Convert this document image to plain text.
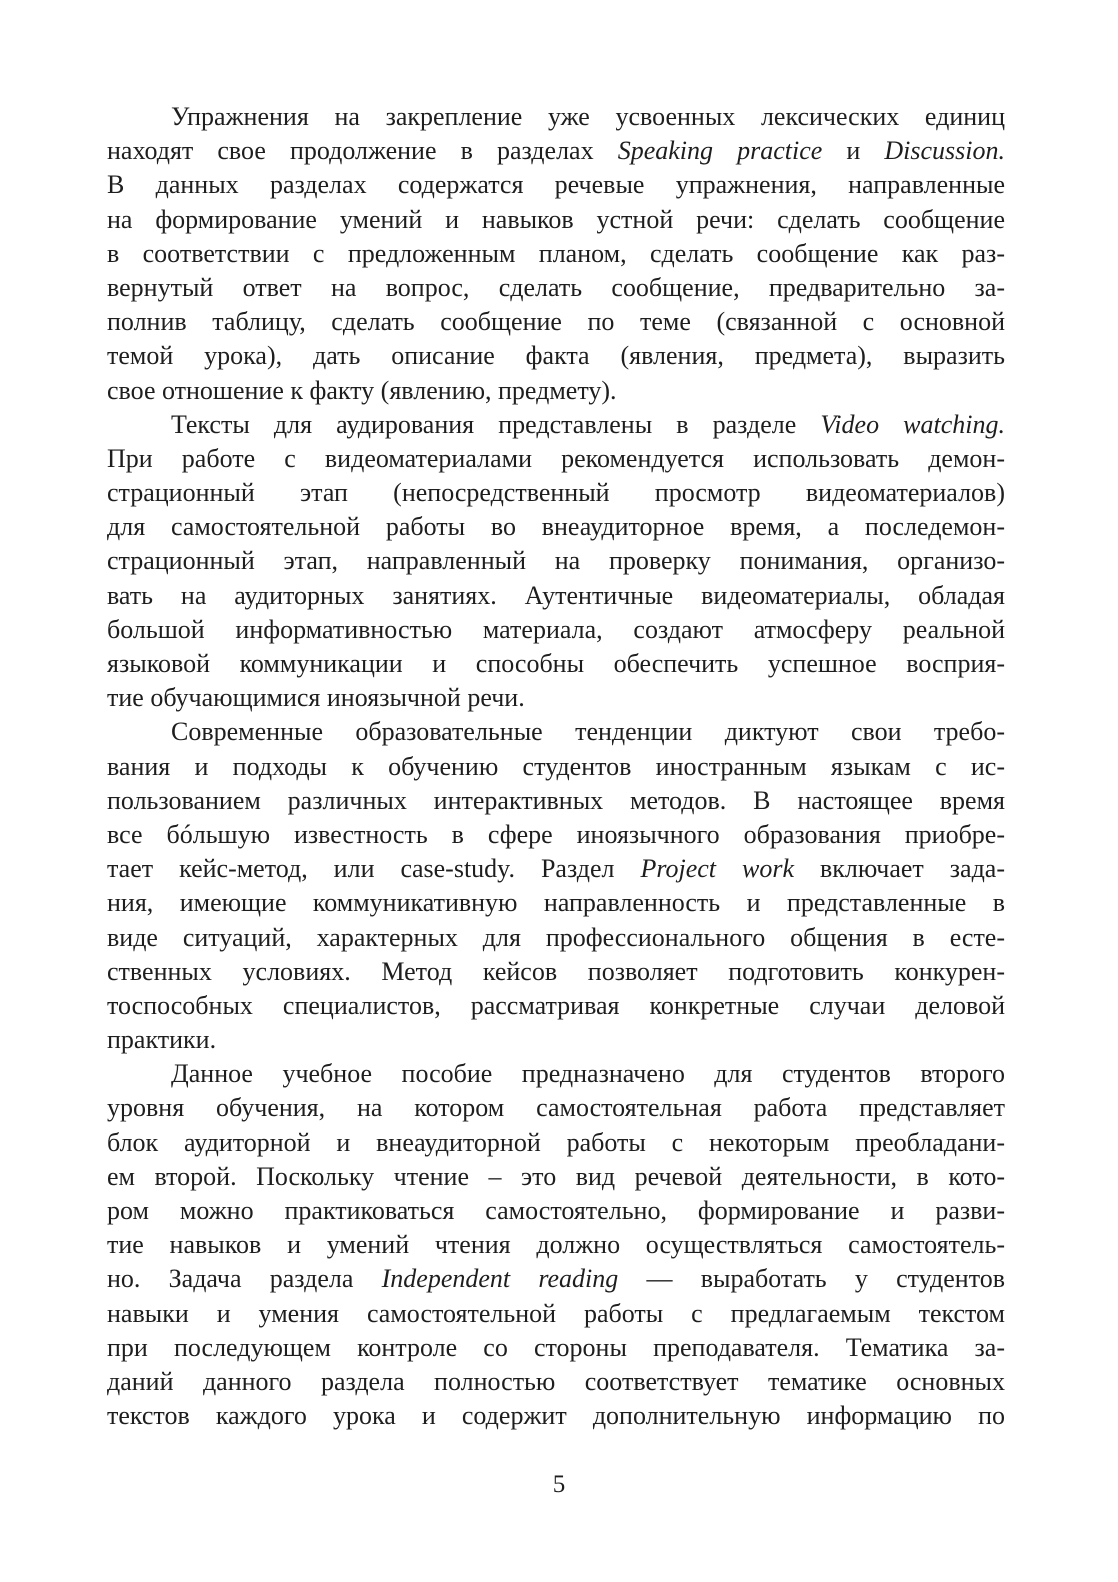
Упражнения на закрепление уже усвоенных лексических единиц
находят свое продолжение в разделах Speaking practice и Discussion.
В данных разделах содержатся речевые упражнения, направленные
на формирование умений и навыков устной речи: сделать сообщение
в соответствии с предложенным планом, сделать сообщение как раз-
вернутый ответ на вопрос, сделать сообщение, предварительно за-
полнив таблицу, сделать сообщение по теме (связанной с основной
темой урока), дать описание факта (явления, предмета), выразить
свое отношение к факту (явлению, предмету).
Тексты для аудирования представлены в разделе Video watching.
При работе с видеоматериалами рекомендуется использовать демон-
страционный этап (непосредственный просмотр видеоматериалов)
для самостоятельной работы во внеаудиторное время, а последемон-
страционный этап, направленный на проверку понимания, организо-
вать на аудиторных занятиях. Аутентичные видеоматериалы, обладая
большой информативностью материала, создают атмосферу реальной
языковой коммуникации и способны обеспечить успешное восприя-
тие обучающимися иноязычной речи.
Современные образовательные тенденции диктуют свои требо-
вания и подходы к обучению студентов иностранным языкам с ис-
пользованием различных интерактивных методов. В настоящее время
все бóльшую известность в сфере иноязычного образования приобре-
тает кейс-метод, или case-study. Раздел Project work включает зада-
ния, имеющие коммуникативную направленность и представленные в
виде ситуаций, характерных для профессионального общения в есте-
ственных условиях. Метод кейсов позволяет подготовить конкурен-
тоспособных специалистов, рассматривая конкретные случаи деловой
практики.
Данное учебное пособие предназначено для студентов второго
уровня обучения, на котором самостоятельная работа представляет
блок аудиторной и внеаудиторной работы с некоторым преобладани-
ем второй. Поскольку чтение – это вид речевой деятельности, в кото-
ром можно практиковаться самостоятельно, формирование и разви-
тие навыков и умений чтения должно осуществляться самостоятель-
но. Задача раздела Independent reading — выработать у студентов
навыки и умения самостоятельной работы с предлагаемым текстом
при последующем контроле со стороны преподавателя. Тематика за-
даний данного раздела полностью соответствует тематике основных
текстов каждого урока и содержит дополнительную информацию по
5
